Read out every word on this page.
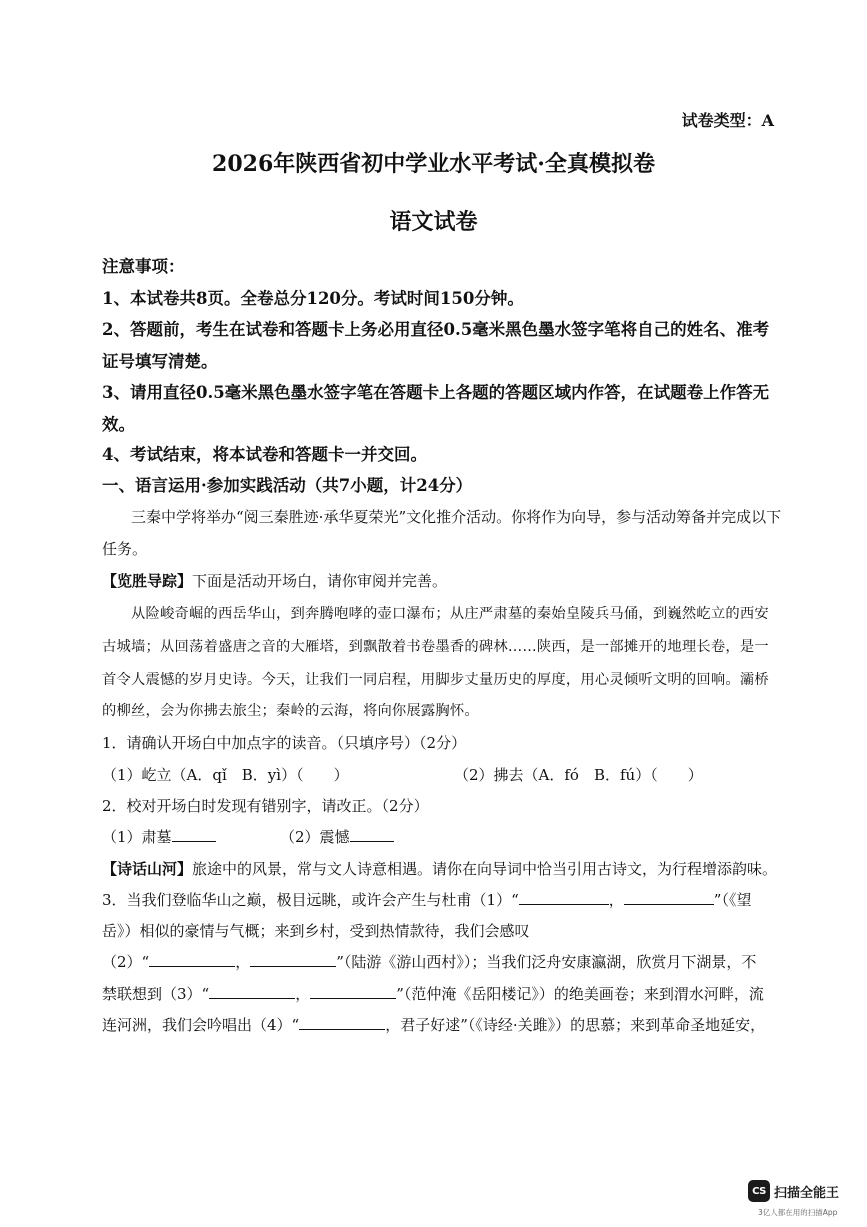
试卷类型：A
2026年陕西省初中学业水平考试·全真模拟卷
语文试卷
注意事项：
1、本试卷共8页。全卷总分120分。考试时间150分钟。
2、答题前，考生在试卷和答题卡上务必用直径0.5毫米黑色墨水签字笔将自己的姓名、准考
证号填写清楚。
3、请用直径0.5毫米黑色墨水签字笔在答题卡上各题的答题区域内作答，在试题卷上作答无
效。
4、考试结束，将本试卷和答题卡一并交回。
一、语言运用·参加实践活动（共7小题，计24分）
三秦中学将举办“阅三秦胜迹·承华夏荣光”文化推介活动。你将作为向导，参与活动筹备并完成以下
任务。
【览胜导踪】下面是活动开场白，请你审阅并完善。
从险峻奇崛的西岳华山，到奔腾咆哮的壶口瀑布；从庄严肃墓的秦始皇陵兵马俑，到巍然屹立的西安
古城墙；从回荡着盛唐之音的大雁塔，到飘散着书卷墨香的碑林……陕西，是一部摊开的地理长卷，是一
首令人震憾的岁月史诗。今天，让我们一同启程，用脚步丈量历史的厚度，用心灵倾听文明的回响。灞桥
的柳丝，会为你拂去旅尘；秦岭的云海，将向你展露胸怀。
1．请确认开场白中加点字的读音。（只填序号）（2分）
（1）屹立（A．qǐ　B．yì）（　　）	（2）拂去（A．fó　B．fú）（　　）
2．校对开场白时发现有错别字，请改正。（2分）
（1）肃墓	（2）震憾
【诗话山河】旅途中的风景，常与文人诗意相遇。请你在向导词中恰当引用古诗文，为行程增添韵味。
3．当我们登临华山之巅，极目远眺，或许会产生与杜甫（1）“	，	”（《望
岳》）相似的豪情与气概；来到乡村，受到热情款待，我们会感叹
（2）“	，	”（陆游《游山西村》）；当我们泛舟安康瀛湖，欣赏月下湖景，不
禁联想到（3）“	，	”（范仲淹《岳阳楼记》）的绝美画卷；来到渭水河畔，流
连河洲，我们会吟唱出（4）“	，君子好逑”（《诗经·关雎》）的思慕；来到革命圣地延安，
CS 扫描全能王
3亿人都在用的扫描App
